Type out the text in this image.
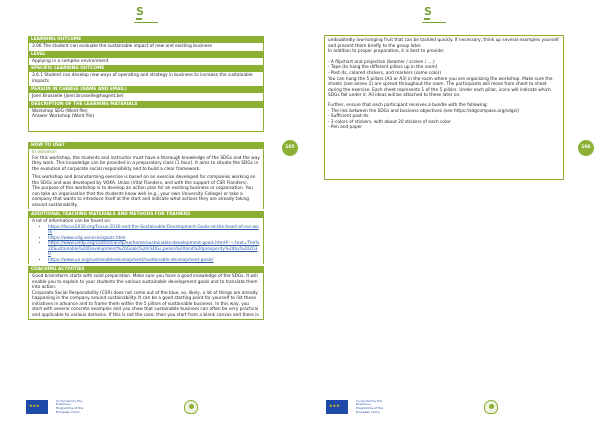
S
LEARNING OUTCOME
3.06 The student can evaluate the sustainable impact of new and existing business
LEVEL
Applying in a complex environment
SPECIFIC LEARNING OUTCOME
3.6.1 Student can develop new ways of operating and strategy in business to increase the sustainable impacts
PERSON IN CHARGE (NAME AND EMAIL)
Joeri Brusselle (Joeri.brusselle@hogent.be)
DESCRIPTION OF THE LEARNING MATERIALS
Workshop SDG (Word file)
Answer Workshop (Word file)
105
HOW TO USE?

In advance:

For this workshop, the students and instructor must have a thorough knowledge of the SDGs and the way they work. This knowledge can be provided in a preparatory class (1 hour). It aims to situate the SDGs in the evolution of corporate social responsibility and to build a clear framework.

This workshop and brainstorming exercise is based on an exercise developed for companies working on the SDGs and was developed by VOKA, Unizo (Vital Flanders, and with the support of CSR Flanders).

The purpose of this workshop is to develop an action plan for an existing business or organisation. You can take an organisation that the students know well (e.g., your own University College) or take a company that wants to introduce itself at the start and indicate what actions they are already taking around sustainability.

ADDITIONAL TEACHING MATERIALS AND METHODS FOR TRAINERS

A lot of information can be found on:

• https://focus2030.org/Focus-2030-and-the-Sustainable-Development-Goals-at-the-heart-of-our-work
• https://www.sdg.services/goals.html
• https://www.undp.org/content/undp/en/home/sustainable-development-goals.html#:~:text=The%20Sustainable%20Development%20Goals%20(SDGs,peace%20and%20prosperity%20by%202030
• https://www.un.org/sustainabledevelopment/sustainable-development-goals/
COACHING ACTIVITIES

Good brainstorm starts with solid preparation. Make sure you have a good knowledge of the SDGs. It will enable you to explain to your students the various sustainable development goals and to translate them into action.

Corporate Social Responsibility (CSR) does not come out of the blue, so, likely, a lot of things are already happening in the company around sustainability. It can be a good starting point for yourself to list those initiatives in advance and to frame them within the 5 pillars of sustainable business. In this way, you start with several concrete examples and you show that sustainable business can often be very practical and applicable to various domains. If this is not the case, then you start from a blank canvas and there is

★★★
Co-funded by the Erasmus+ Programme of the European Union
S

undoubtedly low-hanging fruit that can be tackled quickly. If necessary, think up several examples yourself and present them briefly to the group later.

In addition to proper preparation, it is best to provide:

- A flipchart and projection (beamer / screen / ....)
- Tape (to hang the different pillars up in the room)
- Post-its, colored stickers, and markers (same color)

You can hang the 5 pillars (A3 or A3) in the room where you are organizing the workshop. Make sure the sheets (see annex 1) are spread throughout the room. The participants will move from sheet to sheet during the exercise. Each sheet represents 1 of the 5 pillars. Under each pillar, icons will indicate which SDGs fall under it. All ideas will be attached to these later on.

Further, ensure that each participant receives a bundle with the following:

- The link between the SDGs and business objectives (see https://sdgcompass.org/sdgs/)
- Sufficient post-its
- 3 colors of stickers, with about 20 stickers of each color
- Pen and paper
106
★★★
Co-funded by the Erasmus+ Programme of the European Union
